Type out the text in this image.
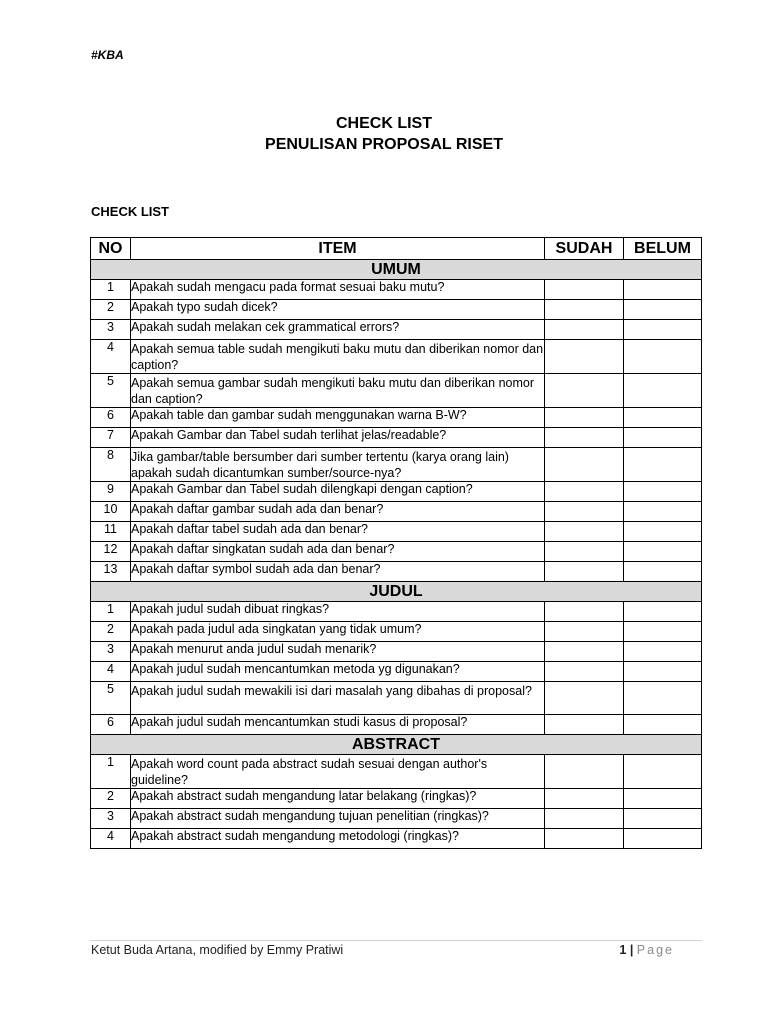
#KBA
CHECK LIST
PENULISAN PROPOSAL RISET
CHECK LIST
NO	ITEM	SUDAH	BELUM
UMUM			
1	Apakah sudah mengacu pada format sesuai baku mutu?		
2	Apakah typo sudah dicek?		
3	Apakah sudah melakan cek grammatical errors?		
4	Apakah semua table sudah mengikuti baku mutu dan diberikan nomor dan caption?		
5	Apakah semua gambar sudah mengikuti baku mutu dan diberikan nomor dan caption?		
6	Apakah table dan gambar sudah menggunakan warna B-W?		
7	Apakah Gambar dan Tabel sudah terlihat jelas/readable?		
8	Jika gambar/table bersumber dari sumber tertentu (karya orang lain) apakah sudah dicantumkan sumber/source-nya?		
9	Apakah Gambar dan Tabel sudah dilengkapi dengan caption?		
10	Apakah daftar gambar sudah ada dan benar?		
11	Apakah daftar tabel sudah ada dan benar?		
12	Apakah daftar singkatan sudah ada dan benar?		
13	Apakah daftar symbol sudah ada dan benar?		
JUDUL			
1	Apakah judul sudah dibuat ringkas?		
2	Apakah pada judul ada singkatan yang tidak umum?		
3	Apakah menurut anda judul sudah menarik?		
4	Apakah judul sudah mencantumkan metoda yg digunakan?		
5	Apakah judul sudah mewakili isi dari masalah yang dibahas di proposal?		
6	Apakah judul sudah mencantumkan studi kasus di proposal?		
ABSTRACT			
1	Apakah word count pada abstract sudah sesuai dengan author's guideline?		
2	Apakah abstract sudah mengandung latar belakang (ringkas)?		
3	Apakah abstract sudah mengandung tujuan penelitian (ringkas)?		
4	Apakah abstract sudah mengandung metodologi (ringkas)?		
Ketut Buda Artana, modified by Emmy Pratiwi	1 | Page
